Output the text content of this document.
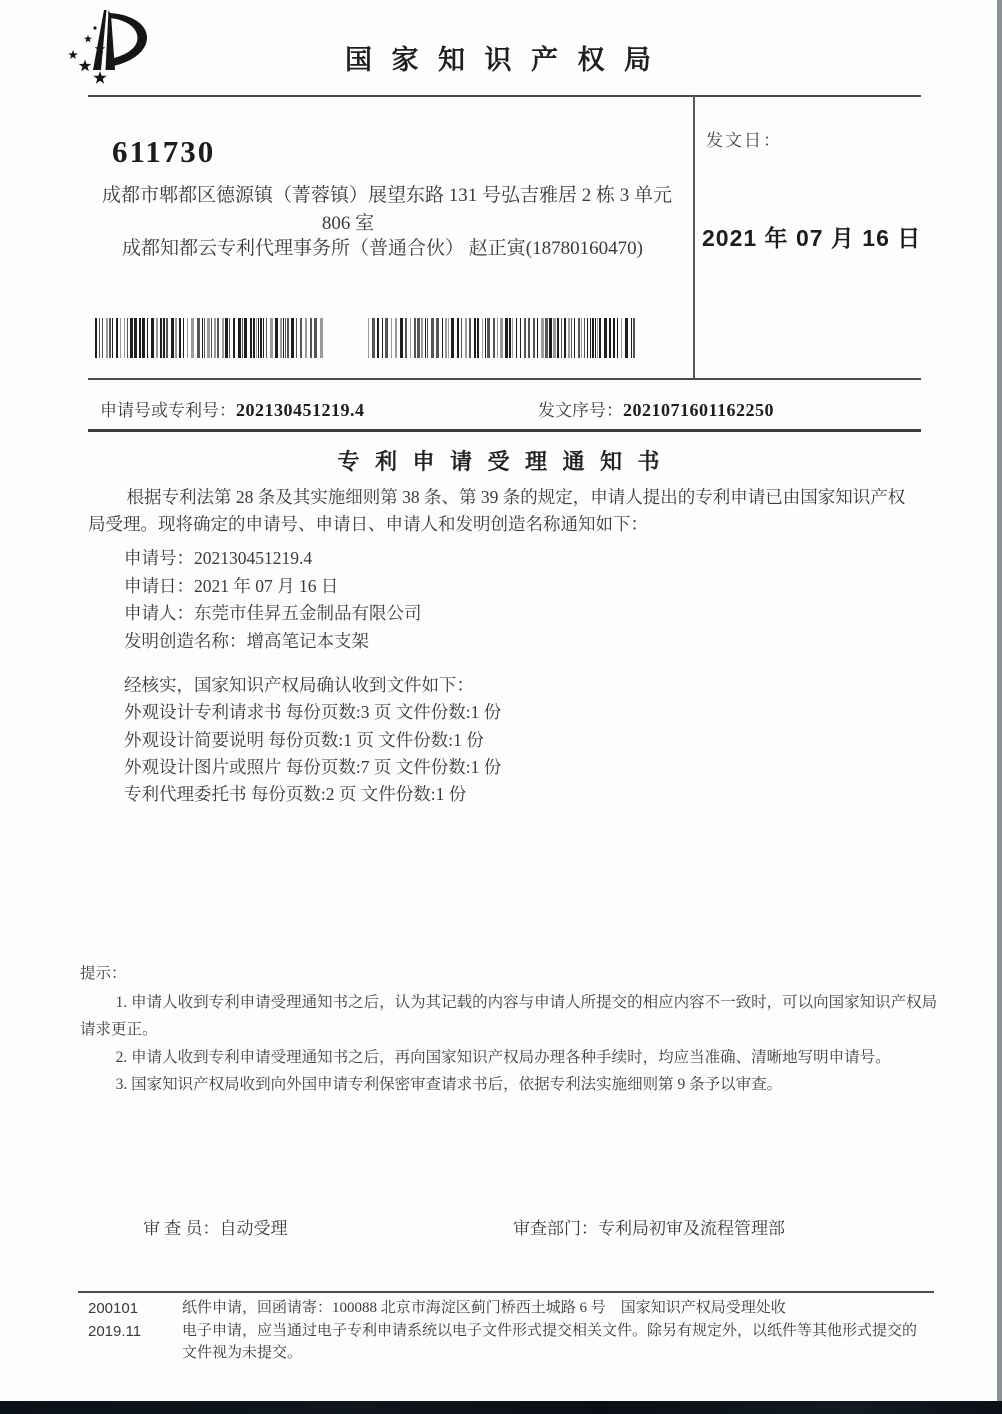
国 家 知 识 产 权 局
611730
成都市郫都区德源镇（菁蓉镇）展望东路 131 号弘吉雅居 2 栋 3 单元
806 室
成都知都云专利代理事务所（普通合伙） 赵正寅(18780160470)
发文日：
2021 年 07 月 16 日
申请号或专利号：202130451219.4	发文序号：2021071601162250
专 利 申 请 受 理 通 知 书
根据专利法第 28 条及其实施细则第 38 条、第 39 条的规定，申请人提出的专利申请已由国家知识产权局受理。现将确定的申请号、申请日、申请人和发明创造名称通知如下：
申请号：202130451219.4
申请日：2021 年 07 月 16 日
申请人：东莞市佳昇五金制品有限公司
发明创造名称：增高笔记本支架
经核实，国家知识产权局确认收到文件如下：
外观设计专利请求书 每份页数:3 页 文件份数:1 份
外观设计简要说明 每份页数:1 页 文件份数:1 份
外观设计图片或照片 每份页数:7 页 文件份数:1 份
专利代理委托书 每份页数:2 页 文件份数:1 份

提示：

1. 申请人收到专利申请受理通知书之后，认为其记载的内容与申请人所提交的相应内容不一致时，可以向国家知识产权局请求更正。

2. 申请人收到专利申请受理通知书之后，再向国家知识产权局办理各种手续时，均应当准确、清晰地写明申请号。

3. 国家知识产权局收到向外国申请专利保密审查请求书后，依据专利法实施细则第 9 条予以审查。

审 查 员：自动受理	审查部门：专利局初审及流程管理部
200101
2019.11

纸件申请，回函请寄：100088 北京市海淀区蓟门桥西土城路 6 号　国家知识产权局受理处收

电子申请，应当通过电子专利申请系统以电子文件形式提交相关文件。除另有规定外，以纸件等其他形式提交的文件视为未提交。
